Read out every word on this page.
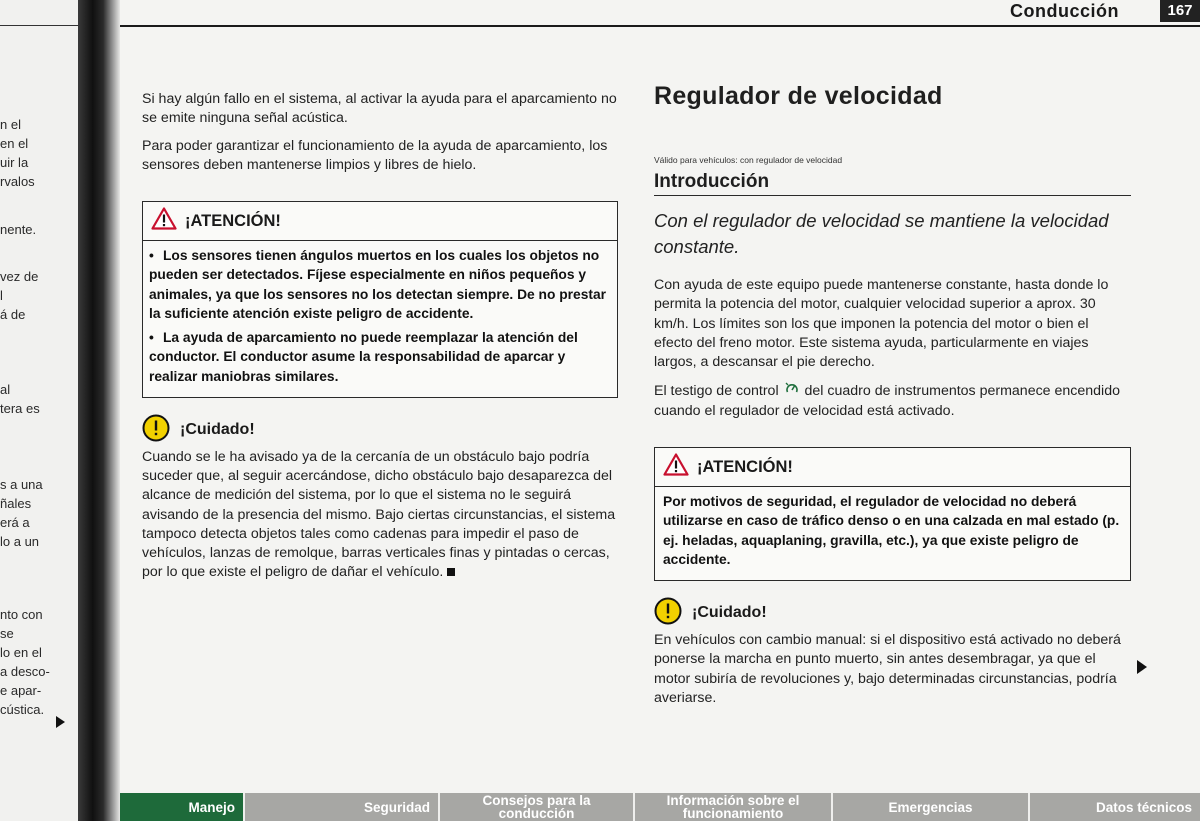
n el
en el
uir la
rvalos
nente.
vez de
l
á de
al
tera es
s a una
ñales
erá a
lo a un
nto con
se
lo en el
a desco-
e apar-
cústica.
Conducción	167

Si hay algún fallo en el sistema, al activar la ayuda para el aparcamiento no se emite ninguna señal acústica.

Para poder garantizar el funcionamiento de la ayuda de aparcamiento, los sensores deben mantenerse limpios y libres de hielo.

¡ATENCIÓN!

• Los sensores tienen ángulos muertos en los cuales los objetos no pueden ser detectados. Fíjese especialmente en niños pequeños y animales, ya que los sensores no los detectan siempre. De no prestar la suficiente atención existe peligro de accidente.

• La ayuda de aparcamiento no puede reemplazar la atención del conductor. El conductor asume la responsabilidad de aparcar y realizar maniobras similares.

¡Cuidado!

Cuando se le ha avisado ya de la cercanía de un obstáculo bajo podría suceder que, al seguir acercándose, dicho obstáculo bajo desaparezca del alcance de medición del sistema, por lo que el sistema no le seguirá avisando de la presencia del mismo. Bajo ciertas circunstancias, el sistema tampoco detecta objetos tales como cadenas para impedir el paso de vehículos, lanzas de remolque, barras verticales finas y pintadas o cercas, por lo que existe el peligro de dañar el vehículo.

Regulador de velocidad
Válido para vehículos: con regulador de velocidad
Introducción

Con el regulador de velocidad se mantiene la velocidad constante.

Con ayuda de este equipo puede mantenerse constante, hasta donde lo permita la potencia del motor, cualquier velocidad superior a aprox. 30 km/h. Los límites son los que imponen la potencia del motor o bien el efecto del freno motor. Este sistema ayuda, particularmente en viajes largos, a descansar el pie derecho.

El testigo de control del cuadro de instrumentos permanece encendido cuando el regulador de velocidad está activado.

¡ATENCIÓN!

Por motivos de seguridad, el regulador de velocidad no deberá utilizarse en caso de tráfico denso o en una calzada en mal estado (p. ej. heladas, aquaplaning, gravilla, etc.), ya que existe peligro de accidente.

¡Cuidado!

En vehículos con cambio manual: si el dispositivo está activado no deberá ponerse la marcha en punto muerto, sin antes desembragar, ya que el motor subiría de revoluciones y, bajo determinadas circunstancias, podría averiarse.

Manejo	Seguridad	Consejos para la conducción
Información sobre el funcionamiento	Emergencias	Datos técnicos
